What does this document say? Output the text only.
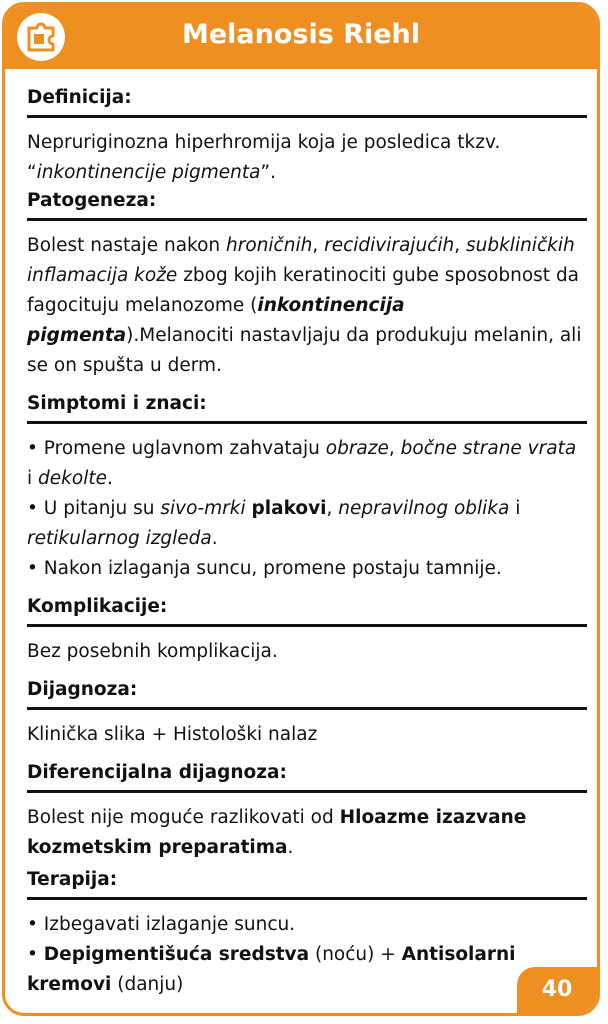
Melanosis Riehl
Definicija:
Nepruriginozna hiperhromija koja je posledica tkzv. “inkontinencije pigmenta”.
Patogeneza:
Bolest nastaje nakon hroničnih, recidivirajućih, subkliničkih inflamacija kože zbog kojih keratinociti gube sposobnost da fagocituju melanozome (inkontinencija pigmenta).Melanociti nastavljaju da produkuju melanin, ali se on spušta u derm.
Simptomi i znaci:
• Promene uglavnom zahvataju obraze, bočne strane vrata i dekolte.
• U pitanju su sivo-mrki plakovi, nepravilnog oblika i retikularnog izgleda.
• Nakon izlaganja suncu, promene postaju tamnije.
Komplikacije:
Bez posebnih komplikacija.
Dijagnoza:
Klinička slika + Histološki nalaz
Diferencijalna dijagnoza:
Bolest nije moguće razlikovati od Hloazme izazvane kozmetskim preparatima.
Terapija:
• Izbegavati izlaganje suncu.
• Depigmentišuća sredstva (noću) + Antisolarni kremovi (danju)	40
